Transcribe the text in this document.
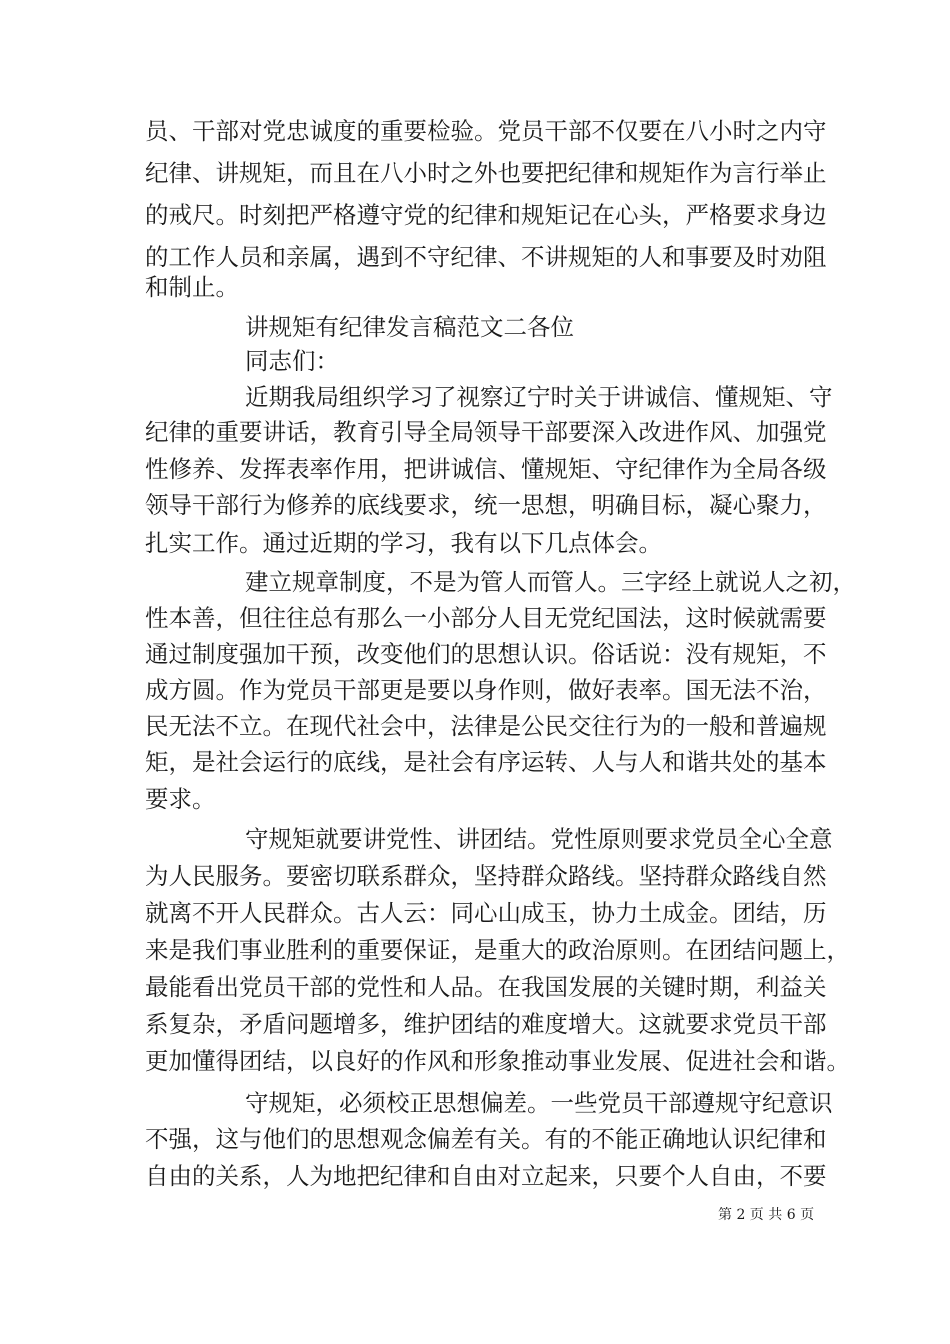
员、干部对党忠诚度的重要检验。党员干部不仅要在八小时之内守
纪律、讲规矩，而且在八小时之外也要把纪律和规矩作为言行举止
的戒尺。时刻把严格遵守党的纪律和规矩记在心头，严格要求身边
的工作人员和亲属，遇到不守纪律、不讲规矩的人和事要及时劝阻
和制止。
讲规矩有纪律发言稿范文二各位
同志们：
近期我局组织学习了视察辽宁时关于讲诚信、懂规矩、守
纪律的重要讲话，教育引导全局领导干部要深入改进作风、加强党
性修养、发挥表率作用，把讲诚信、懂规矩、守纪律作为全局各级
领导干部行为修养的底线要求，统一思想，明确目标，凝心聚力，
扎实工作。通过近期的学习，我有以下几点体会。
建立规章制度，不是为管人而管人。三字经上就说人之初，
性本善，但往往总有那么一小部分人目无党纪国法，这时候就需要
通过制度强加干预，改变他们的思想认识。俗话说：没有规矩，不
成方圆。作为党员干部更是要以身作则，做好表率。国无法不治，
民无法不立。在现代社会中，法律是公民交往行为的一般和普遍规
矩，是社会运行的底线，是社会有序运转、人与人和谐共处的基本
要求。
守规矩就要讲党性、讲团结。党性原则要求党员全心全意
为人民服务。要密切联系群众，坚持群众路线。坚持群众路线自然
就离不开人民群众。古人云：同心山成玉，协力土成金。团结，历
来是我们事业胜利的重要保证，是重大的政治原则。在团结问题上，
最能看出党员干部的党性和人品。在我国发展的关键时期，利益关
系复杂，矛盾问题增多，维护团结的难度增大。这就要求党员干部
更加懂得团结，以良好的作风和形象推动事业发展、促进社会和谐。
守规矩，必须校正思想偏差。一些党员干部遵规守纪意识
不强，这与他们的思想观念偏差有关。有的不能正确地认识纪律和
自由的关系，人为地把纪律和自由对立起来，只要个人自由，不要
第 2 页 共 6 页
